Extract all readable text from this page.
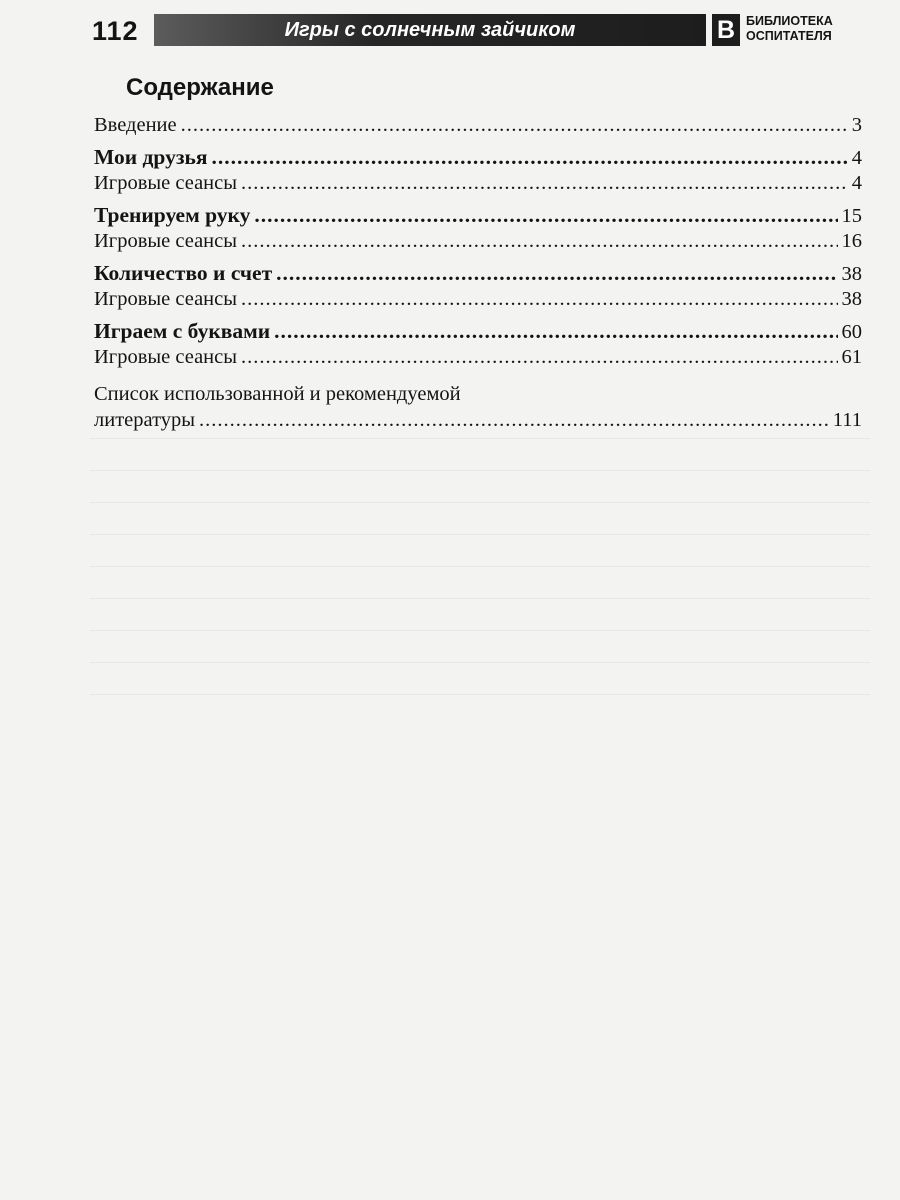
112	Игры с солнечным зайчиком	В БИБЛИОТЕКА
ОСПИТАТЕЛЯ
Содержание
Введение .....	3
Мои друзья .....	4
Игровые сеансы .....	4
Тренируем руку .....	15
Игровые сеансы .....	16
Количество и счет .....	38
Игровые сеансы .....	38
Играем с буквами .....	60
Игровые сеансы .....	61
Список использованной и рекомендуемой
литературы .....	111
